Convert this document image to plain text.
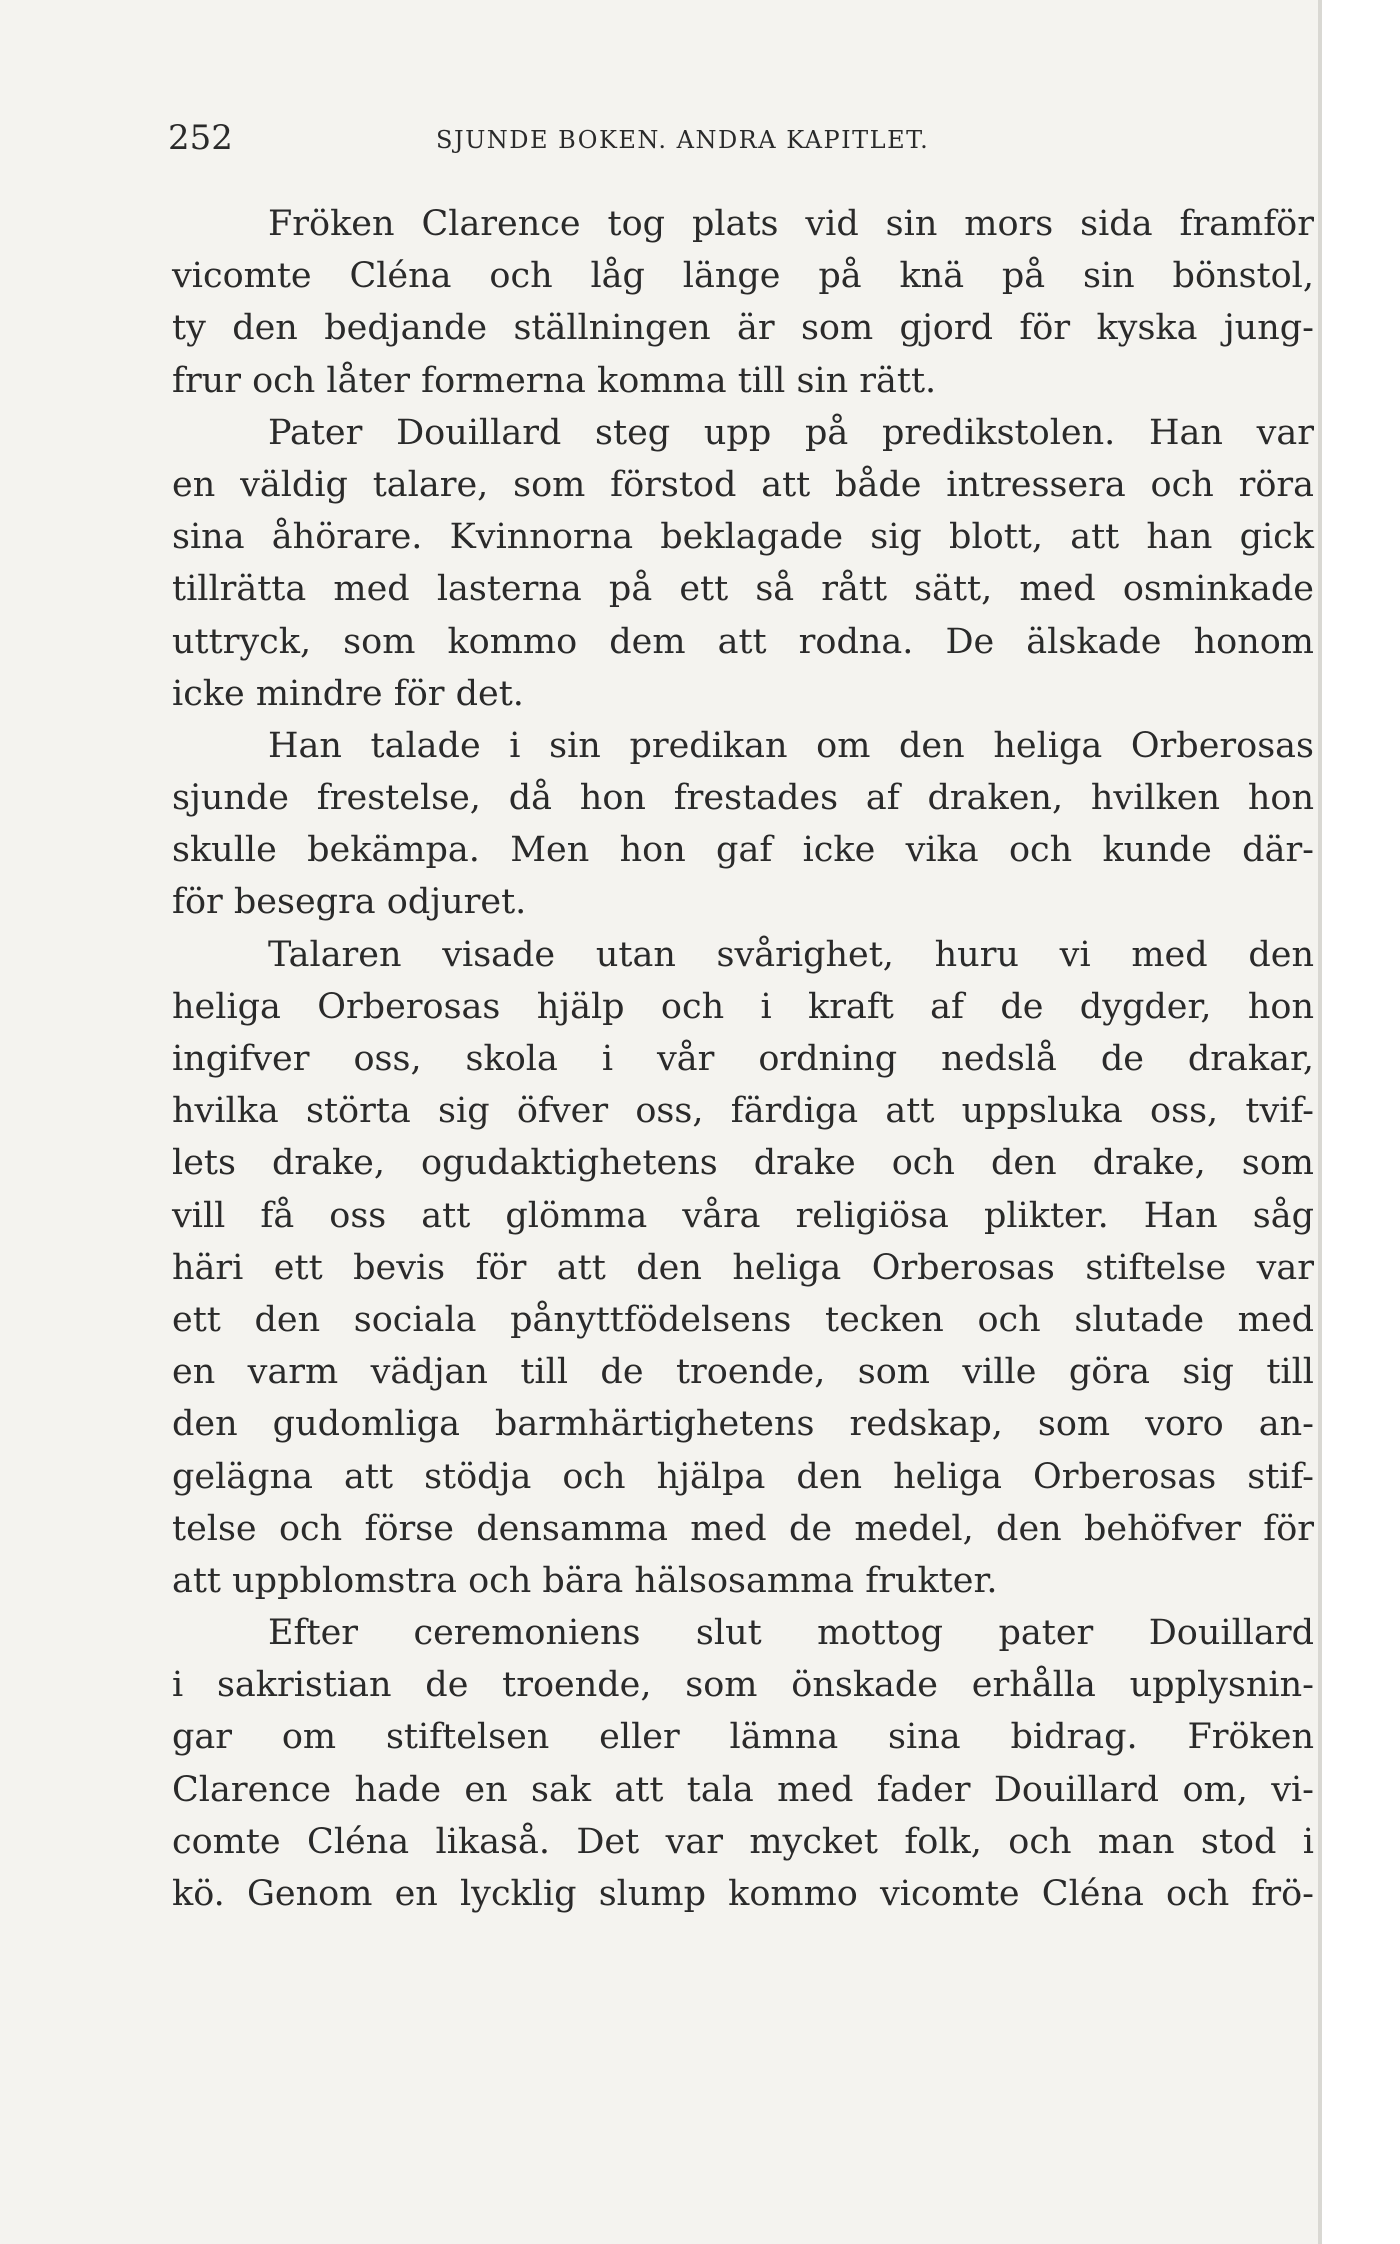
252	SJUNDE BOKEN. ANDRA KAPITLET.
Fröken Clarence tog plats vid sin mors sida framför
vicomte Cléna och låg länge på knä på sin bönstol,
ty den bedjande ställningen är som gjord för kyska jung-
frur och låter formerna komma till sin rätt.
Pater Douillard steg upp på predikstolen. Han var
en väldig talare, som förstod att både intressera och röra
sina åhörare. Kvinnorna beklagade sig blott, att han gick
tillrätta med lasterna på ett så rått sätt, med osminkade
uttryck, som kommo dem att rodna. De älskade honom
icke mindre för det.
Han talade i sin predikan om den heliga Orberosas
sjunde frestelse, då hon frestades af draken, hvilken hon
skulle bekämpa. Men hon gaf icke vika och kunde där-
för besegra odjuret.
Talaren visade utan svårighet, huru vi med den
heliga Orberosas hjälp och i kraft af de dygder, hon
ingifver oss, skola i vår ordning nedslå de drakar,
hvilka störta sig öfver oss, färdiga att uppsluka oss, tvif-
lets drake, ogudaktighetens drake och den drake, som
vill få oss att glömma våra religiösa plikter. Han såg
häri ett bevis för att den heliga Orberosas stiftelse var
ett den sociala pånyttfödelsens tecken och slutade med
en varm vädjan till de troende, som ville göra sig till
den gudomliga barmhärtighetens redskap, som voro an-
gelägna att stödja och hjälpa den heliga Orberosas stif-
telse och förse densamma med de medel, den behöfver för
att uppblomstra och bära hälsosamma frukter.
Efter ceremoniens slut mottog pater Douillard
i sakristian de troende, som önskade erhålla upplysnin-
gar om stiftelsen eller lämna sina bidrag. Fröken
Clarence hade en sak att tala med fader Douillard om, vi-
comte Cléna likaså. Det var mycket folk, och man stod i
kö. Genom en lycklig slump kommo vicomte Cléna och frö-
